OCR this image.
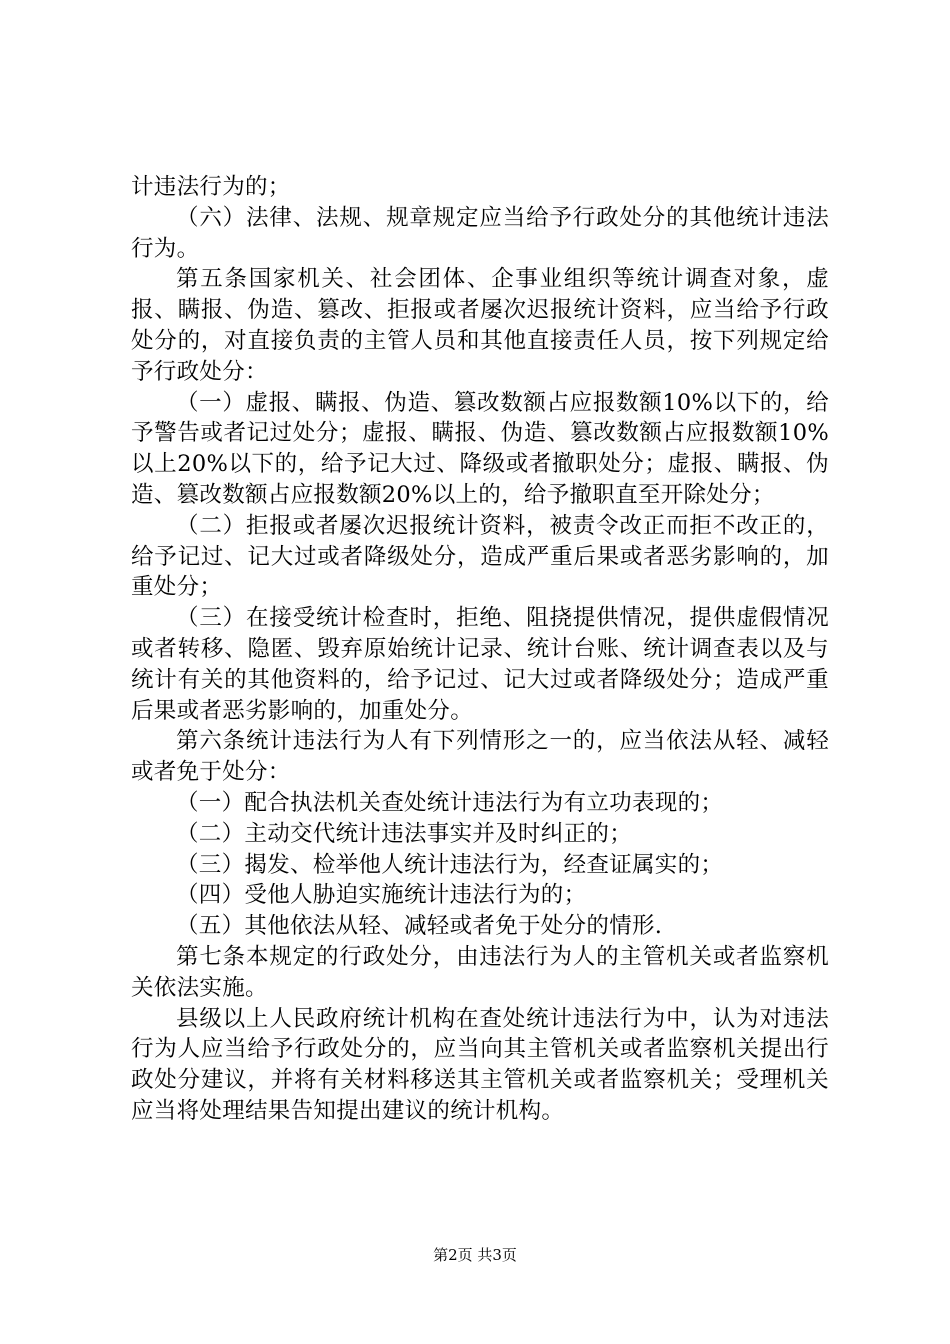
计违法行为的；

（六）法律、法规、规章规定应当给予行政处分的其他统计违法行为。

第五条国家机关、社会团体、企事业组织等统计调查对象，虚报、瞒报、伪造、篡改、拒报或者屡次迟报统计资料，应当给予行政处分的，对直接负责的主管人员和其他直接责任人员，按下列规定给予行政处分：

（一）虚报、瞒报、伪造、篡改数额占应报数额10%以下的，给予警告或者记过处分；虚报、瞒报、伪造、篡改数额占应报数额10%以上20%以下的，给予记大过、降级或者撤职处分；虚报、瞒报、伪造、篡改数额占应报数额20%以上的，给予撤职直至开除处分；

（二）拒报或者屡次迟报统计资料，被责令改正而拒不改正的，给予记过、记大过或者降级处分，造成严重后果或者恶劣影响的，加重处分；

（三）在接受统计检查时，拒绝、阻挠提供情况，提供虚假情况或者转移、隐匿、毁弃原始统计记录、统计台账、统计调查表以及与统计有关的其他资料的，给予记过、记大过或者降级处分；造成严重后果或者恶劣影响的，加重处分。

第六条统计违法行为人有下列情形之一的，应当依法从轻、减轻或者免于处分：

（一）配合执法机关查处统计违法行为有立功表现的；

（二）主动交代统计违法事实并及时纠正的；

（三）揭发、检举他人统计违法行为，经查证属实的；

（四）受他人胁迫实施统计违法行为的；

（五）其他依法从轻、减轻或者免于处分的情形.

第七条本规定的行政处分，由违法行为人的主管机关或者监察机关依法实施。

县级以上人民政府统计机构在查处统计违法行为中，认为对违法行为人应当给予行政处分的，应当向其主管机关或者监察机关提出行政处分建议，并将有关材料移送其主管机关或者监察机关；受理机关应当将处理结果告知提出建议的统计机构。

第2页 共3页
